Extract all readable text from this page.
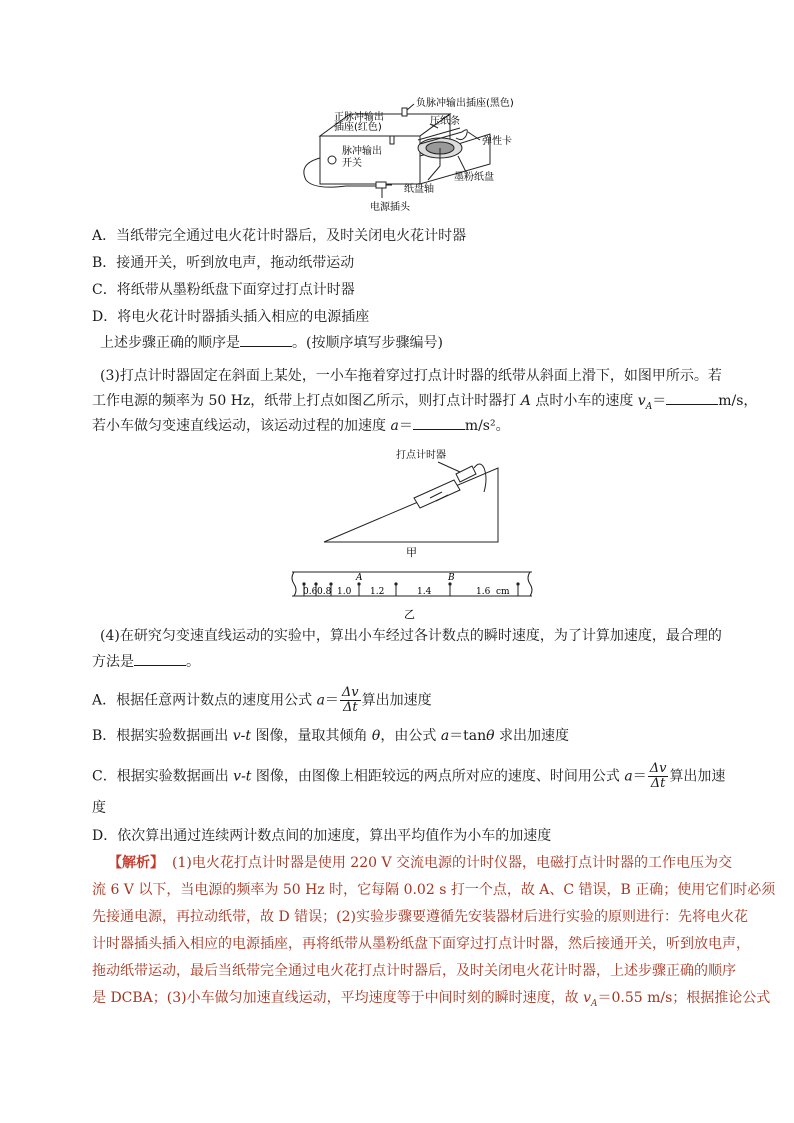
负脉冲输出插座(黑色)
正脉冲输出
插座(红色)
压纸条
弹性卡
脉冲输出
开关
墨粉纸盘
纸盘轴
电源插头
A．当纸带完全通过电火花计时器后，及时关闭电火花计时器
B．接通开关，听到放电声，拖动纸带运动
C．将纸带从墨粉纸盘下面穿过打点计时器
D．将电火花计时器插头插入相应的电源插座
上述步骤正确的顺序是	。(按顺序填写步骤编号)
(3)打点计时器固定在斜面上某处，一小车拖着穿过打点计时器的纸带从斜面上滑下，如图甲所示。若
工作电源的频率为 50 Hz，纸带上打点如图乙所示，则打点计时器打 A 点时小车的速度 $v_A=$	m/s，
若小车做匀变速直线运动，该运动过程的加速度 a＝	m/s²。
打点计时器
甲
A	B
0.6 0.8 1.0 1.2	1.4	1.6 cm
乙
(4)在研究匀变速直线运动的实验中，算出小车经过各计数点的瞬时速度，为了计算加速度，最合理的
方法是	。
A．根据任意两计数点的速度用公式 $a= \frac{\Delta v}{\Delta t}$ 算出加速度
B．根据实验数据画出 v-t 图像，量取其倾角 θ，由公式 a＝tanθ 求出加速度
C．根据实验数据画出 v-t 图像，由图像上相距较远的两点所对应的速度、时间用公式 $a= \frac{\Delta v}{\Delta t}$ 算出加速
度
D．依次算出通过连续两计数点间的加速度，算出平均值作为小车的加速度
【解析】 (1)电火花打点计时器是使用 220 V 交流电源的计时仪器，电磁打点计时器的工作电压为交
流 6 V 以下，当电源的频率为 50 Hz 时，它每隔 0.02 s 打一个点，故 A、C 错误，B 正确；使用它们时必须
先接通电源，再拉动纸带，故 D 错误；(2)实验步骤要遵循先安装器材后进行实验的原则进行：先将电火花
计时器插头插入相应的电源插座，再将纸带从墨粉纸盘下面穿过打点计时器，然后接通开关，听到放电声，
拖动纸带运动，最后当纸带完全通过电火花打点计时器后，及时关闭电火花计时器，上述步骤正确的顺序
是 DCBA；(3)小车做匀加速直线运动，平均速度等于中间时刻的瞬时速度，故 $v_A=0.55$ m/s；根据推论公式
